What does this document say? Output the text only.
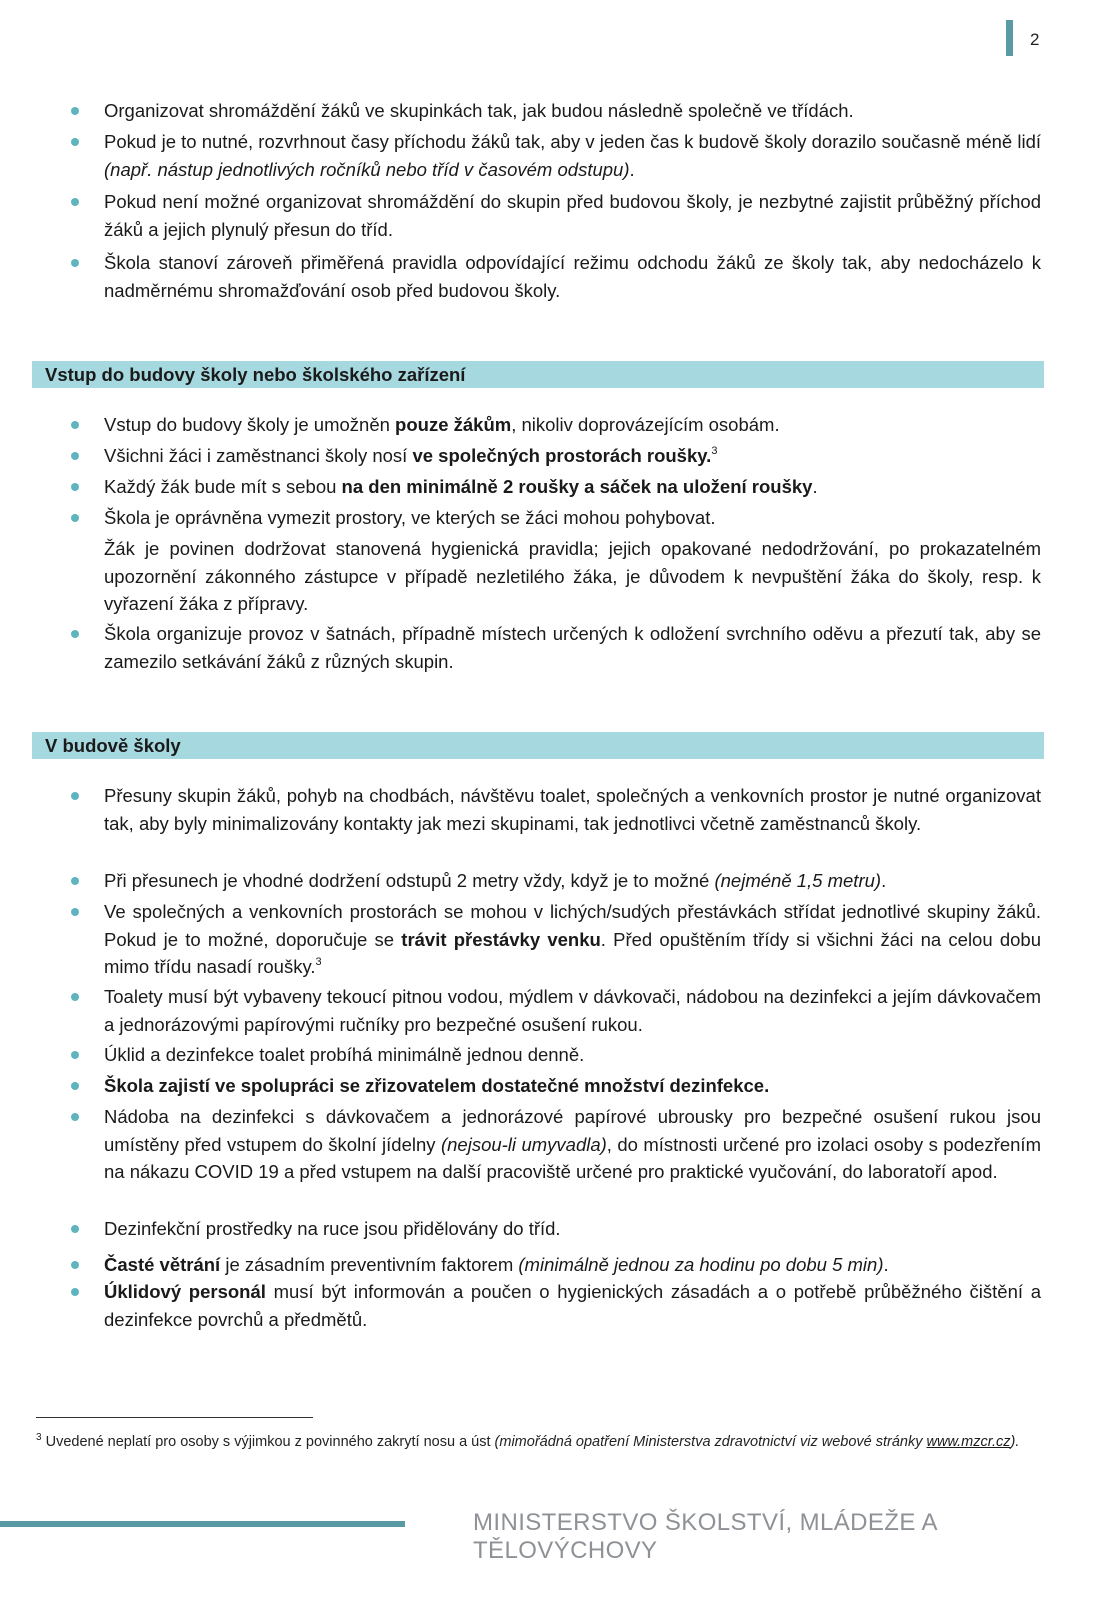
2
Organizovat shromáždění žáků ve skupinkách tak, jak budou následně společně ve třídách.
Pokud je to nutné, rozvrhnout časy příchodu žáků tak, aby v jeden čas k budově školy dorazilo současně méně lidí (např. nástup jednotlivých ročníků nebo tříd v časovém odstupu).
Pokud není možné organizovat shromáždění do skupin před budovou školy, je nezbytné zajistit průběžný příchod žáků a jejich plynulý přesun do tříd.
Škola stanoví zároveň přiměřená pravidla odpovídající režimu odchodu žáků ze školy tak, aby nedocházelo k nadměrnému shromažďování osob před budovou školy.
Vstup do budovy školy nebo školského zařízení
Vstup do budovy školy je umožněn pouze žákům, nikoliv doprovázejícím osobám.
Všichni žáci i zaměstnanci školy nosí ve společných prostorách roušky.$^3$
Každý žák bude mít s sebou na den minimálně 2 roušky a sáček na uložení roušky.
Škola je oprávněna vymezit prostory, ve kterých se žáci mohou pohybovat.
Žák je povinen dodržovat stanovená hygienická pravidla; jejich opakované nedodržování, po prokazatelném upozornění zákonného zástupce v případě nezletilého žáka, je důvodem k nevpuštění žáka do školy, resp. k vyřazení žáka z přípravy.
Škola organizuje provoz v šatnách, případně místech určených k odložení svrchního oděvu a přezutí tak, aby se zamezilo setkávání žáků z různých skupin.
V budově školy
Přesuny skupin žáků, pohyb na chodbách, návštěvu toalet, společných a venkovních prostor je nutné organizovat tak, aby byly minimalizovány kontakty jak mezi skupinami, tak jednotlivci včetně zaměstnanců školy.
Při přesunech je vhodné dodržení odstupů 2 metry vždy, když je to možné (nejméně 1,5 metru).
Ve společných a venkovních prostorách se mohou v lichých/sudých přestávkách střídat jednotlivé skupiny žáků. Pokud je to možné, doporučuje se trávit přestávky venku. Před opuštěním třídy si všichni žáci na celou dobu mimo třídu nasadí roušky.$^3$
Toalety musí být vybaveny tekoucí pitnou vodou, mýdlem v dávkovači, nádobou na dezinfekci a jejím dávkovačem a jednorázovými papírovými ručníky pro bezpečné osušení rukou.
Úklid a dezinfekce toalet probíhá minimálně jednou denně.
Škola zajistí ve spolupráci se zřizovatelem dostatečné množství dezinfekce.
Nádoba na dezinfekci s dávkovačem a jednorázové papírové ubrousky pro bezpečné osušení rukou jsou umístěny před vstupem do školní jídelny (nejsou-li umyvadla), do místnosti určené pro izolaci osoby s podezřením na nákazu COVID 19 a před vstupem na další pracoviště určené pro praktické vyučování, do laboratoří apod.
Dezinfekční prostředky na ruce jsou přidělovány do tříd.
Časté větrání je zásadním preventivním faktorem (minimálně jednou za hodinu po dobu 5 min).
Úklidový personál musí být informován a poučen o hygienických zásadách a o potřebě průběžného čištění a dezinfekce povrchů a předmětů.
$^3$ Uvedené neplatí pro osoby s výjimkou z povinného zakrytí nosu a úst (mimořádná opatření Ministerstva zdravotnictví viz webové stránky www.mzcr.cz).
MINISTERSTVO ŠKOLSTVÍ, MLÁDEŽE A TĚLOVÝCHOVY
